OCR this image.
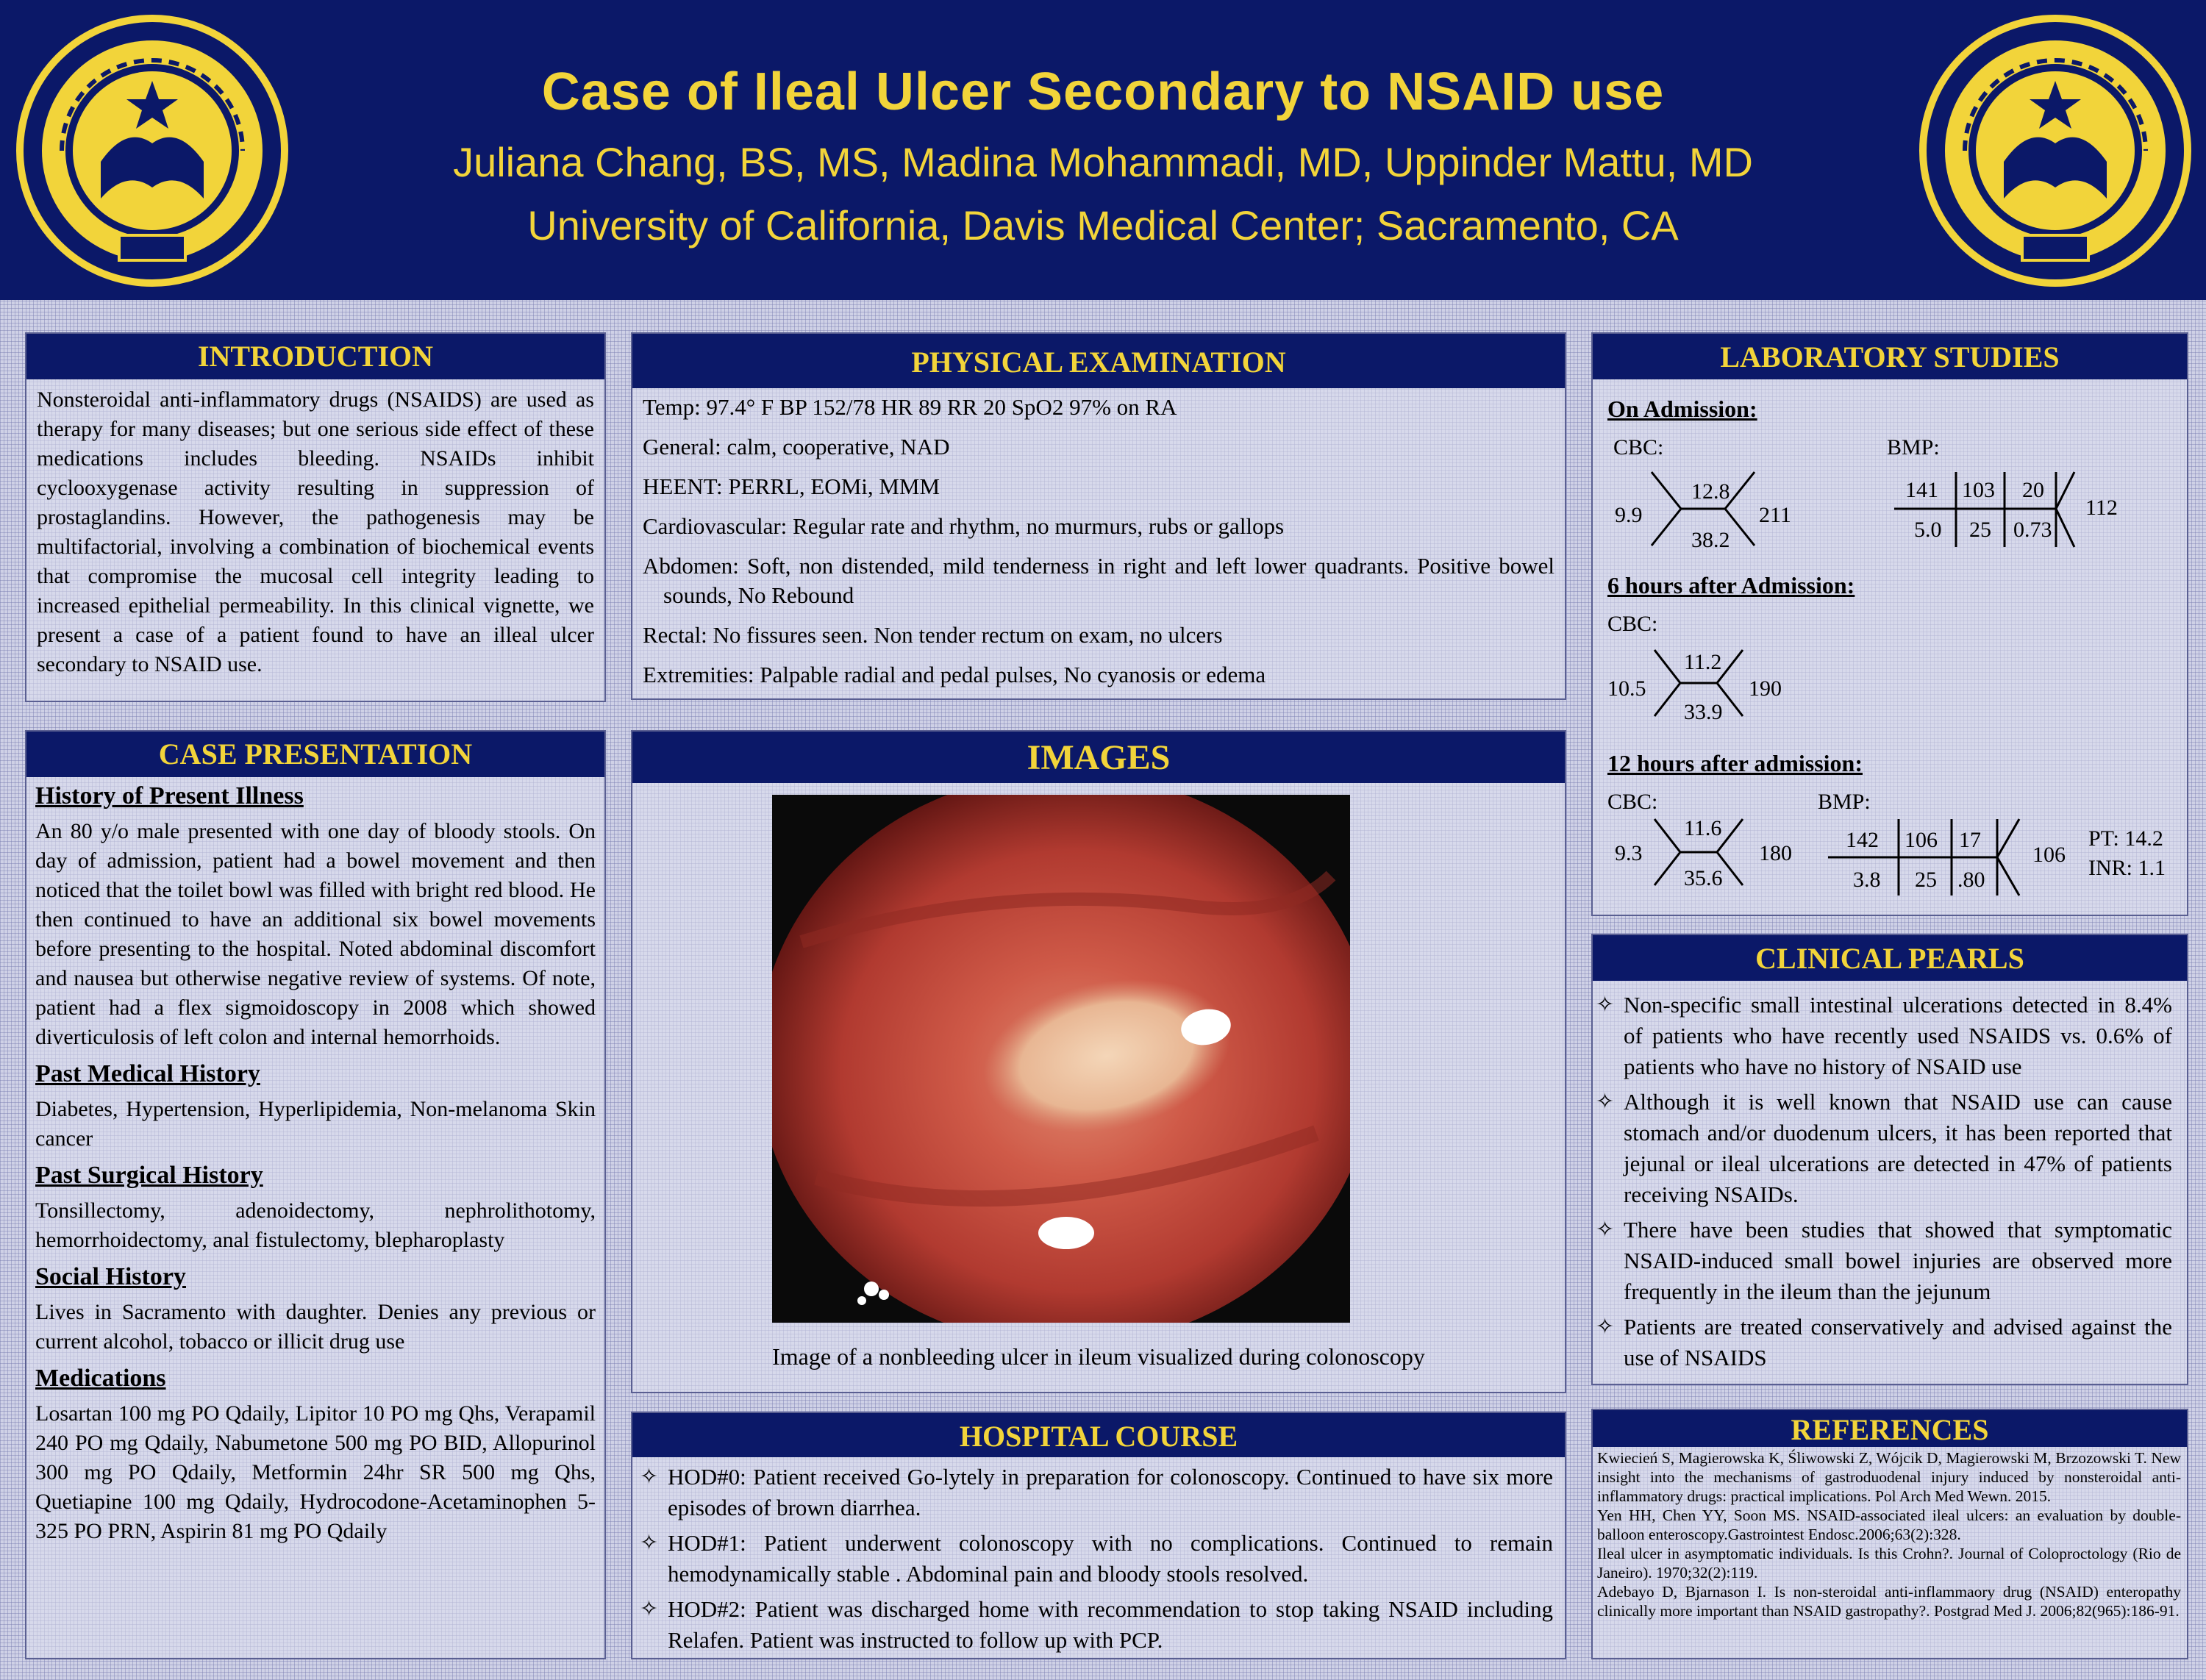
Case of Ileal Ulcer Secondary to NSAID use
Juliana Chang, BS, MS, Madina Mohammadi, MD, Uppinder Mattu, MD
University of California, Davis Medical Center; Sacramento, CA
INTRODUCTION
Nonsteroidal anti-inflammatory drugs (NSAIDS) are used as therapy for many diseases; but one serious side effect of these medications includes bleeding. NSAIDs inhibit cyclooxygenase activity resulting in suppression of prostaglandins. However, the pathogenesis may be multifactorial, involving a combination of biochemical events that compromise the mucosal cell integrity leading to increased epithelial permeability. In this clinical vignette, we present a case of a patient found to have an illeal ulcer secondary to NSAID use.
CASE PRESENTATION

History of Present Illness

An 80 y/o male presented with one day of bloody stools. On day of admission, patient had a bowel movement and then noticed that the toilet bowl was filled with bright red blood. He then continued to have an additional six bowel movements before presenting to the hospital. Noted abdominal discomfort and nausea but otherwise negative review of systems. Of note, patient had a flex sigmoidoscopy in 2008 which showed diverticulosis of left colon and internal hemorrhoids.

Past Medical History

Diabetes, Hypertension, Hyperlipidemia, Non-melanoma Skin cancer

Past Surgical History

Tonsillectomy, adenoidectomy, nephrolithotomy, hemorrhoidectomy, anal fistulectomy, blepharoplasty

Social History

Lives in Sacramento with daughter. Denies any previous or current alcohol, tobacco or illicit drug use

Medications

Losartan 100 mg PO Qdaily, Lipitor 10 PO mg Qhs, Verapamil 240 PO mg Qdaily, Nabumetone 500 mg PO BID, Allopurinol 300 mg PO Qdaily, Metformin 24hr SR 500 mg Qhs, Quetiapine 100 mg Qdaily, Hydrocodone-Acetaminophen 5-325 PO PRN, Aspirin 81 mg PO Qdaily

PHYSICAL EXAMINATION

Temp: 97.4° F BP 152/78 HR 89 RR 20 SpO2 97% on RA

General: calm, cooperative, NAD

HEENT: PERRL, EOMi, MMM

Cardiovascular: Regular rate and rhythm, no murmurs, rubs or gallops

Abdomen: Soft, non distended, mild tenderness in right and left lower quadrants. Positive bowel sounds, No Rebound

Rectal: No fissures seen. Non tender rectum on exam, no ulcers

Extremities: Palpable radial and pedal pulses, No cyanosis or edema

IMAGES
Image of a nonbleeding ulcer in ileum visualized during colonoscopy
HOSPITAL COURSE
✧ HOD#0: Patient received Go-lytely in preparation for colonoscopy. Continued to have six more episodes of brown diarrhea.
✧ HOD#1: Patient underwent colonoscopy with no complications. Continued to remain hemodynamically stable . Abdominal pain and bloody stools resolved.
✧ HOD#2: Patient was discharged home with recommendation to stop taking NSAID including Relafen. Patient was instructed to follow up with PCP.
LABORATORY STUDIES
On Admission:
CBC:	BMP:
9.9
12.8
38.2
211
141 103 20
5.0 25 0.73
112
6 hours after Admission:
CBC:
10.5
11.2
33.9
190
12 hours after admission:
CBC:	BMP:
9.3
11.6
35.6
180
142 106 17
3.8 25 .80
106
PT: 14.2
INR: 1.1
CLINICAL PEARLS
✧ Non-specific small intestinal ulcerations detected in 8.4% of patients who have recently used NSAIDS vs. 0.6% of patients who have no history of NSAID use
✧ Although it is well known that NSAID use can cause stomach and/or duodenum ulcers, it has been reported that jejunal or ileal ulcerations are detected in 47% of patients receiving NSAIDs.
✧ There have been studies that showed that symptomatic NSAID-induced small bowel injuries are observed more frequently in the ileum than the jejunum
✧ Patients are treated conservatively and advised against the use of NSAIDS
REFERENCES

Kwiecień S, Magierowska K, Śliwowski Z, Wójcik D, Magierowski M, Brzozowski T. New insight into the mechanisms of gastroduodenal injury induced by nonsteroidal anti-inflammatory drugs: practical implications. Pol Arch Med Wewn. 2015.

Yen HH, Chen YY, Soon MS. NSAID-associated ileal ulcers: an evaluation by double-balloon enteroscopy.Gastrointest Endosc.2006;63(2):328.

Ileal ulcer in asymptomatic individuals. Is this Crohn?. Journal of Coloproctology (Rio de Janeiro). 1970;32(2):119.

Adebayo D, Bjarnason I. Is non-steroidal anti-inflammaory drug (NSAID) enteropathy clinically more important than NSAID gastropathy?. Postgrad Med J. 2006;82(965):186-91.
